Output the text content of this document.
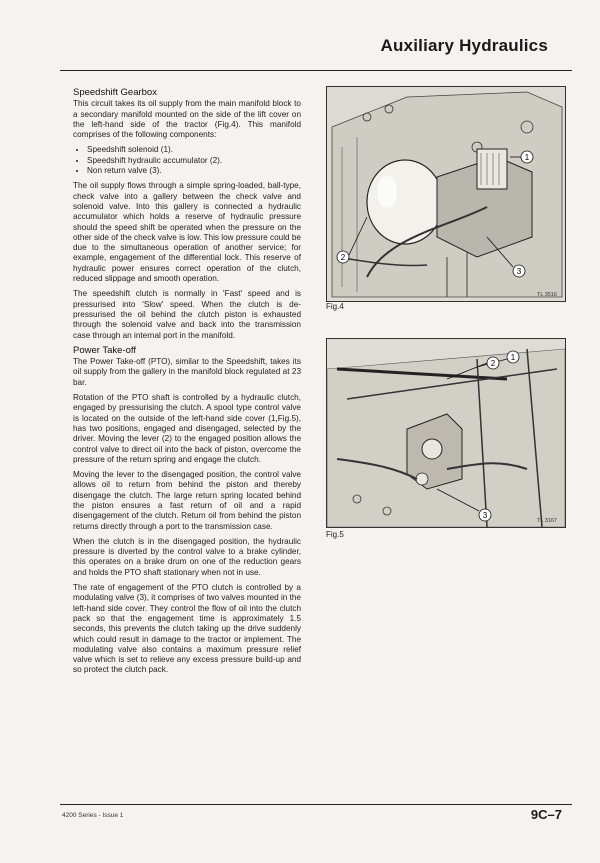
Auxiliary Hydraulics
Speedshift Gearbox

This circuit takes its oil supply from the main manifold block to a secondary manifold mounted on the side of the lift cover on the left-hand side of the tractor (Fig.4). This manifold comprises of the following components:

• Speedshift solenoid (1).
• Speedshift hydraulic accumulator (2).
• Non return valve (3).

The oil supply flows through a simple spring-loaded, ball-type, check valve into a gallery between the check valve and solenoid valve. Into this gallery is connected a hydraulic accumulator which holds a reserve of hydraulic pressure should the speed shift be operated when the pressure on the other side of the check valve is low. This low pressure could be due to the simultaneous operation of another service; for example, engagement of the differential lock. This reserve of hydraulic power ensures correct operation of the clutch, reduced slippage and smooth operation.

The speedshift clutch is normally in 'Fast' speed and is pressurised into 'Slow' speed. When the clutch is de-pressurised the oil behind the clutch piston is exhausted through the solenoid valve and back into the transmission case through an internal port in the manifold.

Power Take-off

The Power Take-off (PTO), similar to the Speedshift, takes its oil supply from the gallery in the manifold block regulated at 23 bar.

Rotation of the PTO shaft is controlled by a hydraulic clutch, engaged by pressurising the clutch. A spool type control valve is located on the outside of the left-hand side cover (1,Fig.5), has two positions, engaged and disengaged, selected by the driver. Moving the lever (2) to the engaged position allows the control valve to direct oil into the back of piston, overcome the pressure of the return spring and engage the clutch.

Moving the lever to the disengaged position, the control valve allows oil to return from behind the piston and thereby disengage the clutch. The large return spring located behind the piston ensures a fast return of oil and a rapid disengagement of the clutch. Return oil from behind the piston returns directly through a port to the transmission case.

When the clutch is in the disengaged position, the hydraulic pressure is diverted by the control valve to a brake cylinder, this operates on a brake drum on one of the reduction gears and holds the PTO shaft stationary when not in use.

The rate of engagement of the PTO clutch is controlled by a modulating valve (3), it comprises of two valves mounted in the left-hand side cover. They control the flow of oil into the clutch pack so that the engagement time is approximately 1.5 seconds, this prevents the clutch taking up the drive suddenly which could result in damage to the tractor or implement. The modulating valve also contains a maximum pressure relief valve which is set to relieve any excess pressure build-up and so protect the clutch pack.

1
2
3
TL 3516
Fig.4
1
2
3
TL 3167
Fig.5
4200 Series - Issue 1	9C–7
